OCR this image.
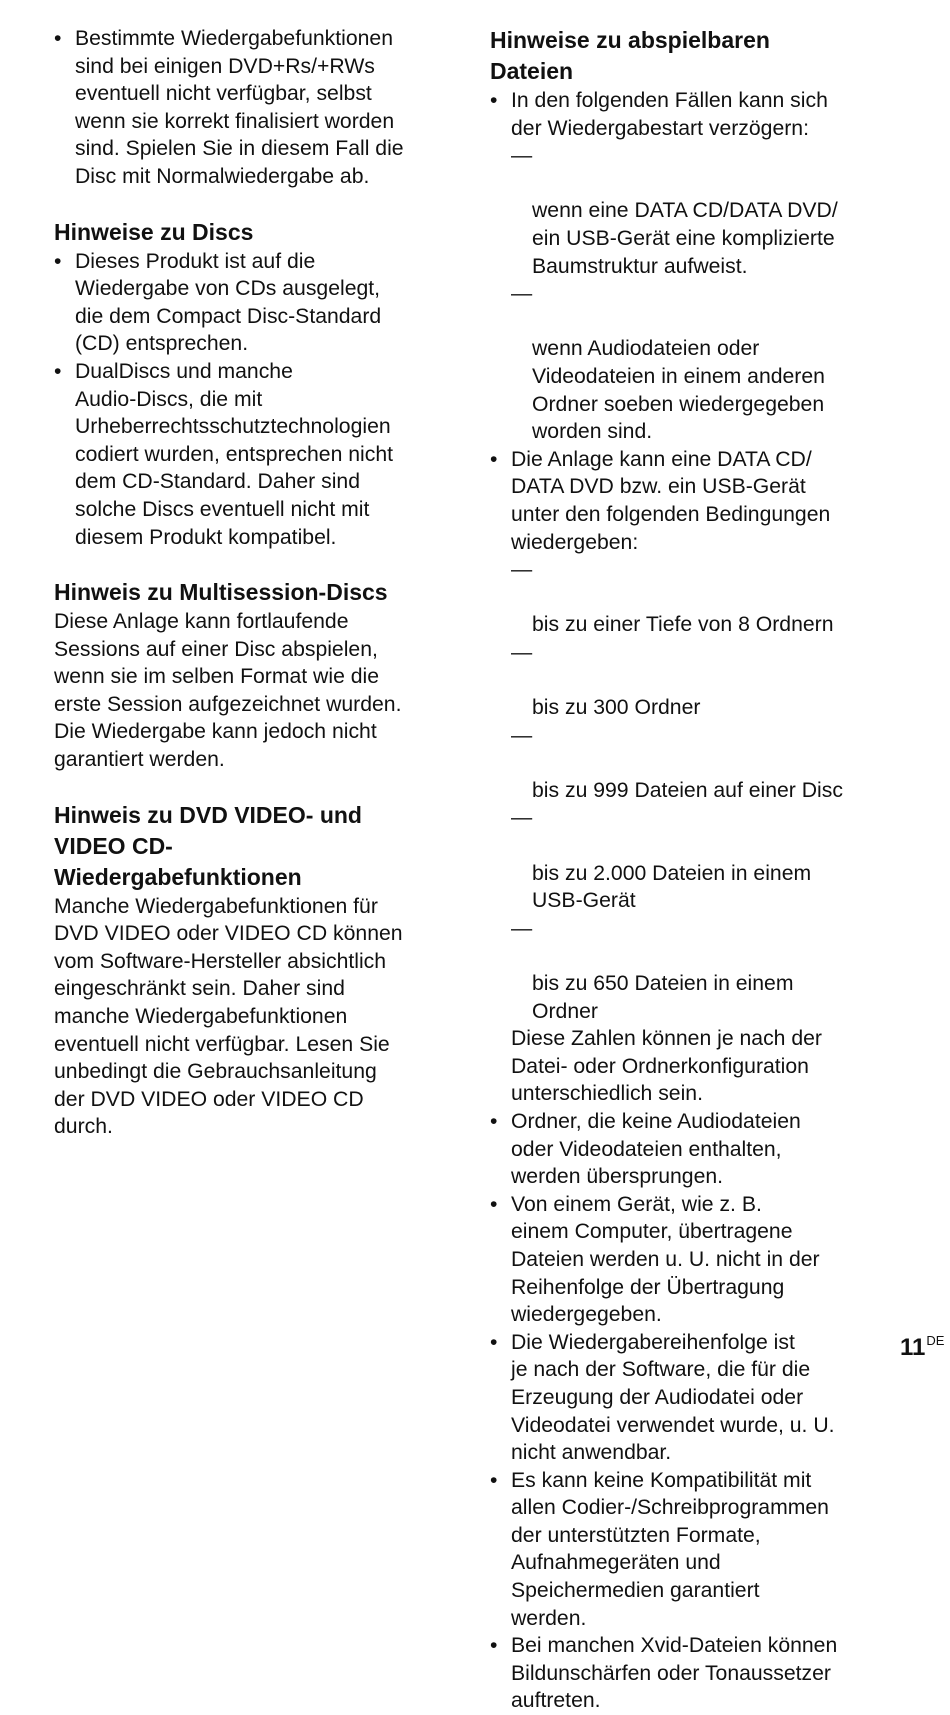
• Bestimmte Wiedergabefunktionen
sind bei einigen DVD+Rs/+RWs
eventuell nicht verfügbar, selbst
wenn sie korrekt finalisiert worden
sind. Spielen Sie in diesem Fall die
Disc mit Normalwiedergabe ab.
Hinweise zu Discs
• Dieses Produkt ist auf die
Wiedergabe von CDs ausgelegt,
die dem Compact Disc-Standard
(CD) entsprechen.
• DualDiscs und manche
Audio-Discs, die mit
Urheberrechtsschutztechnologien
codiert wurden, entsprechen nicht
dem CD-Standard. Daher sind
solche Discs eventuell nicht mit
diesem Produkt kompatibel.
Hinweis zu Multisession-Discs

Diese Anlage kann fortlaufende
Sessions auf einer Disc abspielen,
wenn sie im selben Format wie die
erste Session aufgezeichnet wurden.
Die Wiedergabe kann jedoch nicht
garantiert werden.

Hinweis zu DVD VIDEO- und
VIDEO CD-
Wiedergabefunktionen

Manche Wiedergabefunktionen für
DVD VIDEO oder VIDEO CD können
vom Software-Hersteller absichtlich
eingeschränkt sein. Daher sind
manche Wiedergabefunktionen
eventuell nicht verfügbar. Lesen Sie
unbedingt die Gebrauchsanleitung
der DVD VIDEO oder VIDEO CD
durch.

Hinweise zu abspielbaren
Dateien
• In den folgenden Fällen kann sich
der Wiedergabestart verzögern:

—

wenn eine DATA CD/DATA DVD/
ein USB-Gerät eine komplizierte
Baumstruktur aufweist.

—

wenn Audiodateien oder
Videodateien in einem anderen
Ordner soeben wiedergegeben
worden sind.

• Die Anlage kann eine DATA CD/
DATA DVD bzw. ein USB-Gerät
unter den folgenden Bedingungen
wiedergeben:

—

bis zu einer Tiefe von 8 Ordnern

—

bis zu 300 Ordner

—

bis zu 999 Dateien auf einer Disc

—

bis zu 2.000 Dateien in einem
USB-Gerät

—

bis zu 650 Dateien in einem
Ordner

Diese Zahlen können je nach der
Datei- oder Ordnerkonfiguration
unterschiedlich sein.
• Ordner, die keine Audiodateien
oder Videodateien enthalten,
werden übersprungen.
• Von einem Gerät, wie z. B.
einem Computer, übertragene
Dateien werden u. U. nicht in der
Reihenfolge der Übertragung
wiedergegeben.
• Die Wiedergabereihenfolge ist
je nach der Software, die für die
Erzeugung der Audiodatei oder
Videodatei verwendet wurde, u. U.
nicht anwendbar.
• Es kann keine Kompatibilität mit
allen Codier-/Schreibprogrammen
der unterstützten Formate,
Aufnahmegeräten und
Speichermedien garantiert
werden.
• Bei manchen Xvid-Dateien können
Bildunschärfen oder Tonaussetzer
auftreten.
11DE
